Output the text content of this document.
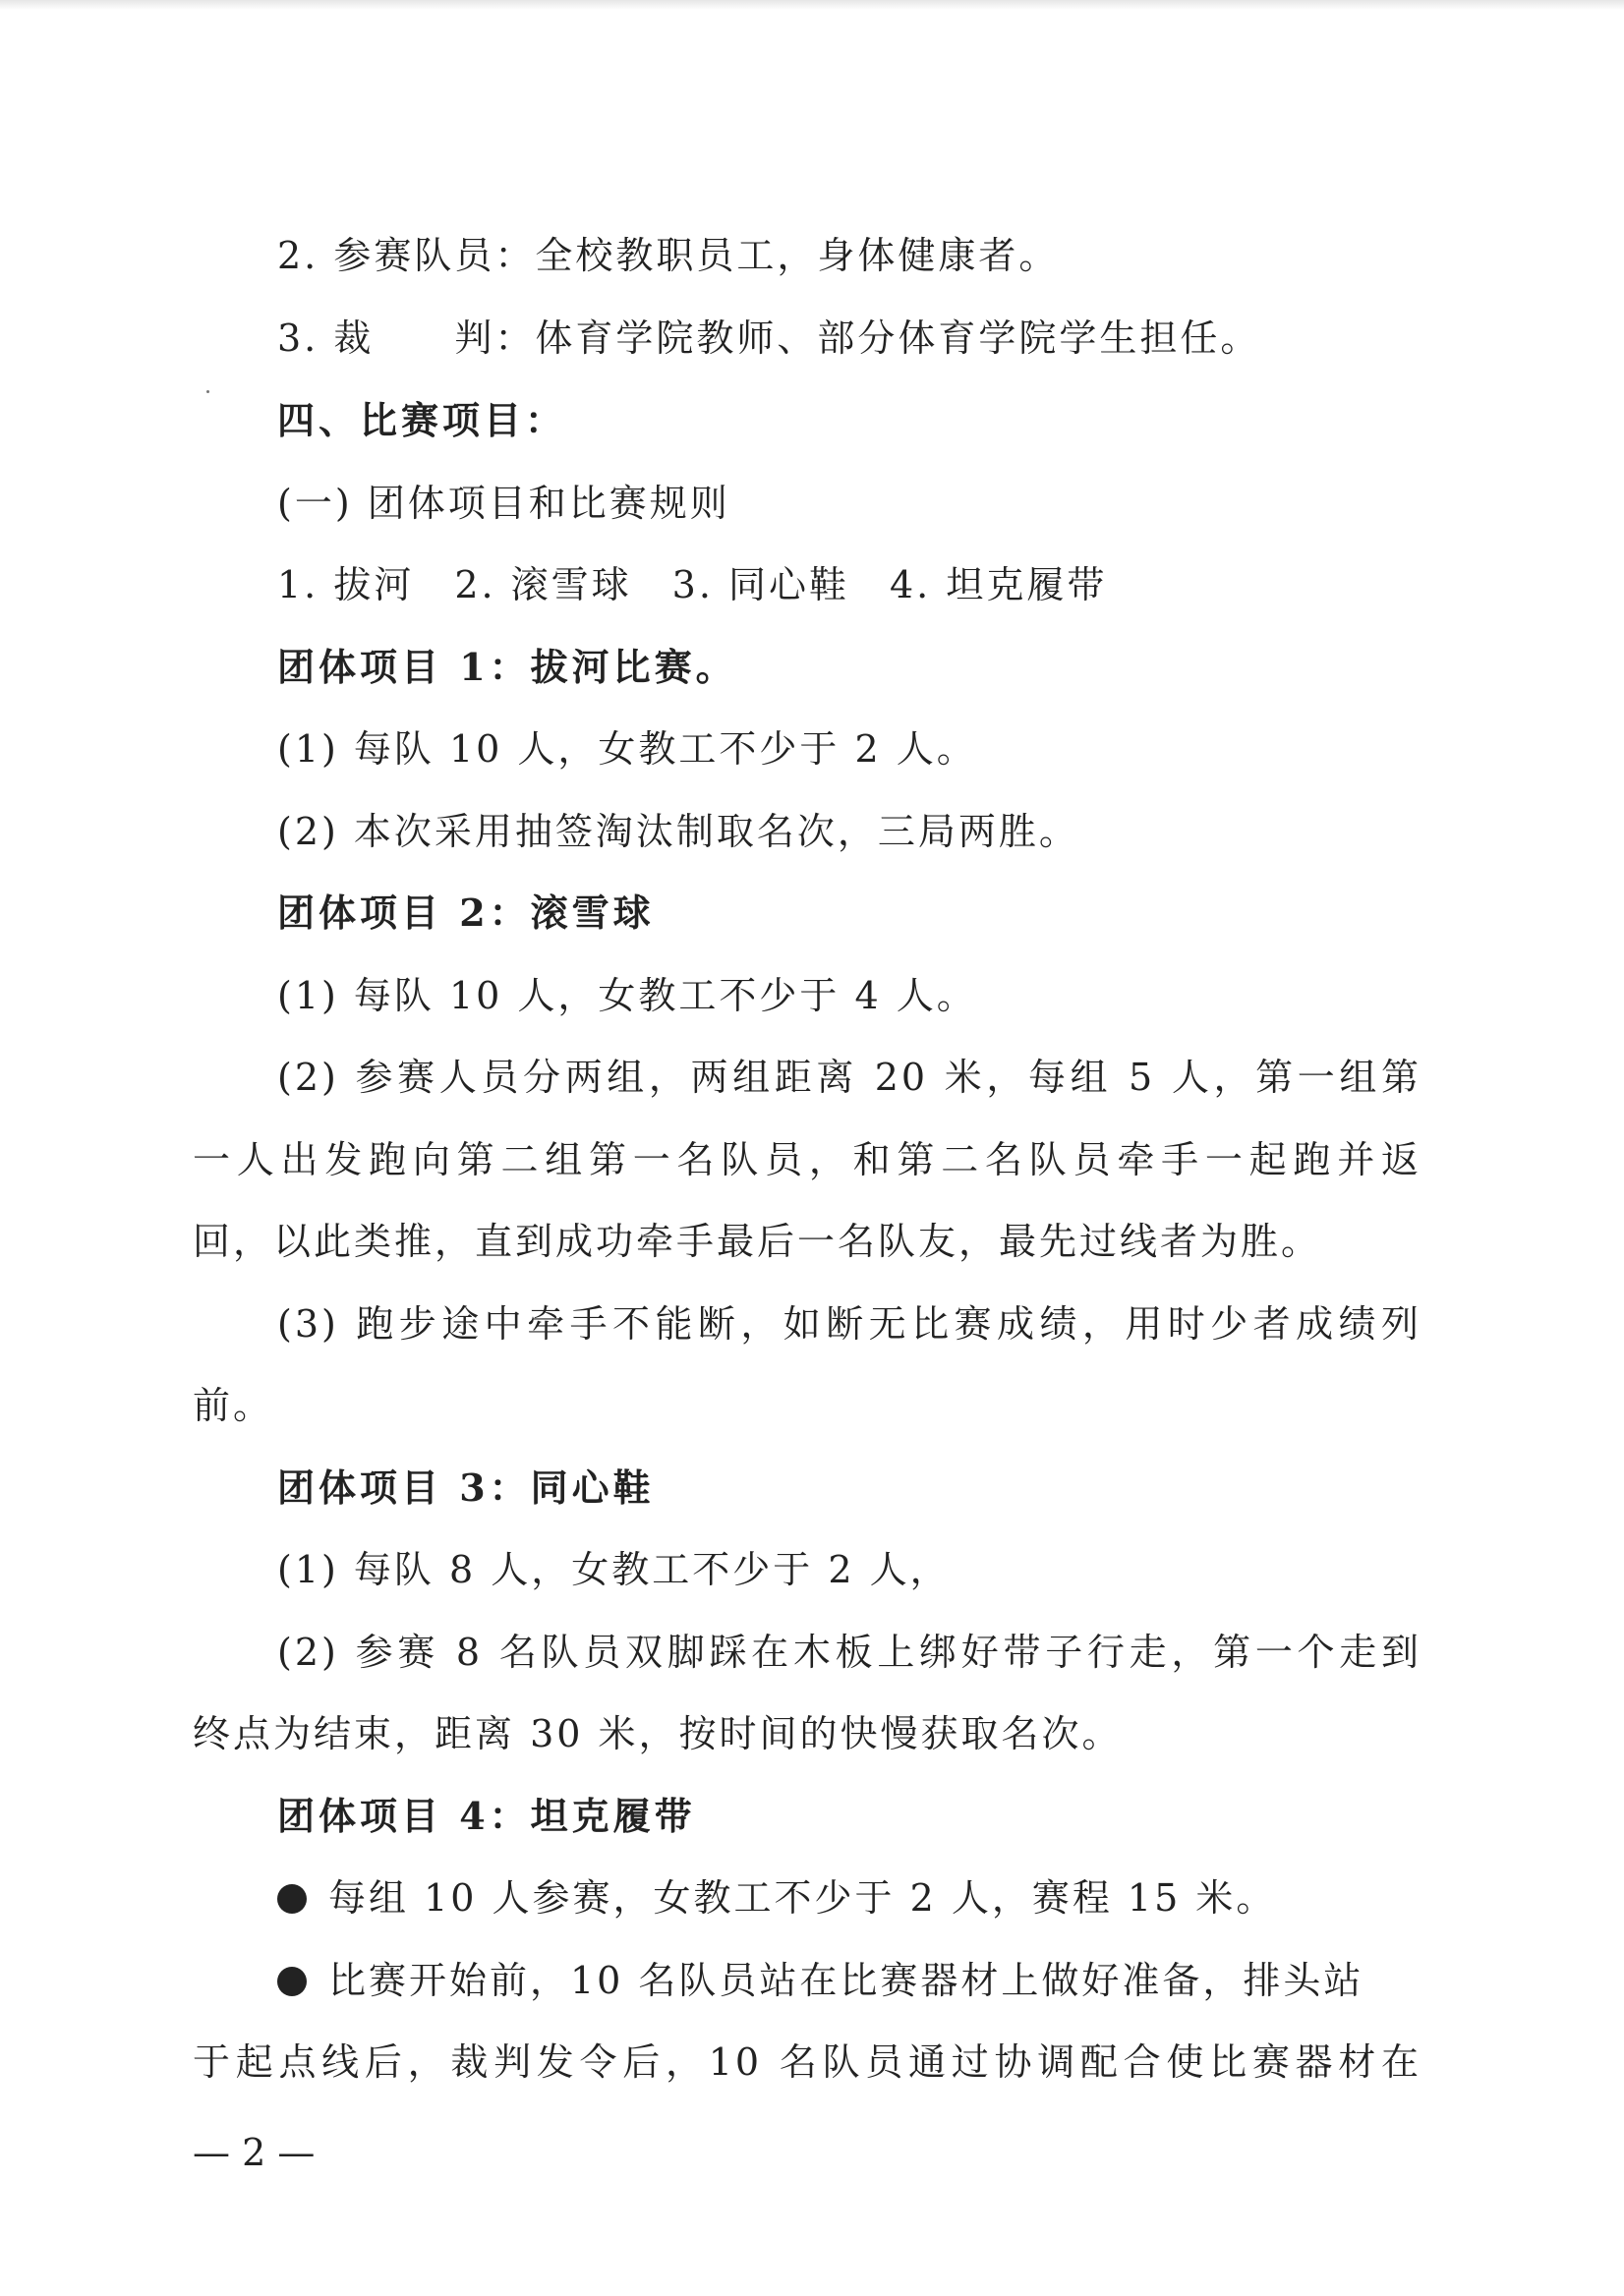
2. 参赛队员：全校教职员工，身体健康者。
3. 裁　　判：体育学院教师、部分体育学院学生担任。
四、比赛项目：
(一) 团体项目和比赛规则
1. 拔河　2. 滚雪球　3. 同心鞋　4. 坦克履带
团体项目 1：拔河比赛。
(1) 每队 10 人，女教工不少于 2 人。
(2) 本次采用抽签淘汰制取名次，三局两胜。
团体项目 2：滚雪球
(1) 每队 10 人，女教工不少于 4 人。
(2) 参赛人员分两组，两组距离 20 米，每组 5 人，第一组第
一人出发跑向第二组第一名队员，和第二名队员牵手一起跑并返
回，以此类推，直到成功牵手最后一名队友，最先过线者为胜。
(3) 跑步途中牵手不能断，如断无比赛成绩，用时少者成绩列
前。
团体项目 3：同心鞋
(1) 每队 8 人，女教工不少于 2 人，
(2) 参赛 8 名队员双脚踩在木板上绑好带子行走，第一个走到
终点为结束，距离 30 米，按时间的快慢获取名次。
团体项目 4：坦克履带
每组 10 人参赛，女教工不少于 2 人，赛程 15 米。
比赛开始前，10 名队员站在比赛器材上做好准备，排头站
于起点线后，裁判发令后，10 名队员通过协调配合使比赛器材在
— 2 —
